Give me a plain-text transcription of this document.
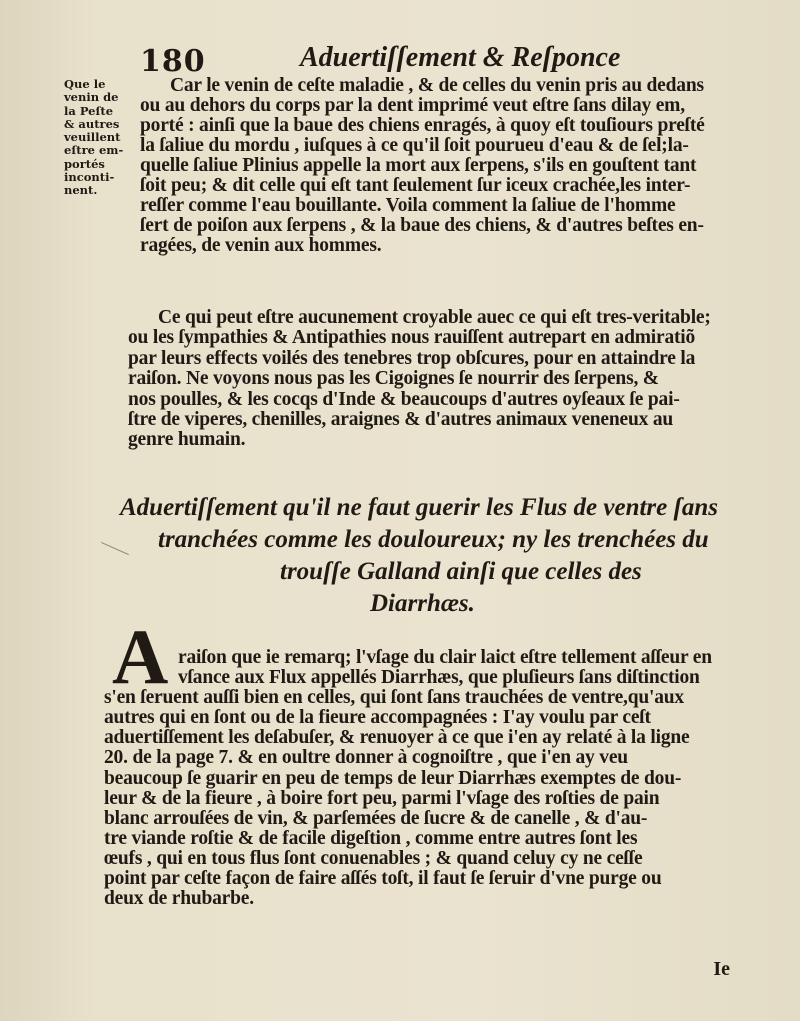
180	Aduertiſſement & Reſponce
Que le
venin de
la Peſte
& autres
veuillent
eſtre em-
portés
inconti-
nent.
Car le venin de ceſte maladie , & de celles du venin pris au dedans
ou au dehors du corps par la dent imprimé veut eſtre ſans dilay em,
porté : ainſi que la baue des chiens enragés, à quoy eſt touſiours preſté
la ſaliue du mordu , iuſques à ce qu'il ſoit pourueu d'eau & de ſel;la-
quelle ſaliue Plinius appelle la mort aux ſerpens, s'ils en gouſtent tant
ſoit peu; & dit celle qui eſt tant ſeulement ſur iceux crachée,les inter-
reſſer comme l'eau bouillante. Voila comment la ſaliue de l'homme
ſert de poiſon aux ſerpens , & la baue des chiens, & d'autres beſtes en-
ragées, de venin aux hommes.
Ce qui peut eſtre aucunement croyable auec ce qui eſt tres-veritable;
ou les ſympathies & Antipathies nous rauiſſent autrepart en admiratiõ
par leurs effects voilés des tenebres trop obſcures, pour en attaindre la
raiſon. Ne voyons nous pas les Cigoignes ſe nourrir des ſerpens, &
nos poulles, & les cocqs d'Inde & beaucoups d'autres oyſeaux ſe pai-
ſtre de viperes, chenilles, araignes & d'autres animaux veneneux au
genre humain.
Aduertiſſement qu'il ne faut guerir les Flus de ventre ſans
tranchées comme les douloureux; ny les trenchées du
trouſſe Galland ainſi que celles des
Diarrhæs.
A raiſon que ie remarq; l'vſage du clair laict eſtre tellement aſſeur en
vſance aux Flux appellés Diarrhæs, que pluſieurs ſans diſtinction
s'en ſeruent auſſi bien en celles, qui ſont ſans trauchées de ventre,qu'aux
autres qui en ſont ou de la fieure accompagnées : I'ay voulu par ceſt
aduertiſſement les deſabuſer, & renuoyer à ce que i'en ay relaté à la ligne
20. de la page 7. & en oultre donner à cognoiſtre , que i'en ay veu
beaucoup ſe guarir en peu de temps de leur Diarrhæs exemptes de dou-
leur & de la fieure , à boire fort peu, parmi l'vſage des roſties de pain
blanc arrouſées de vin, & parſemées de ſucre & de canelle , & d'au-
tre viande roſtie & de facile digeſtion , comme entre autres ſont les
œufs , qui en tous flus ſont conuenables ; & quand celuy cy ne ceſſe
point par ceſte façon de faire aſſés toſt, il faut ſe ſeruir d'vne purge ou
deux de rhubarbe.
Ie
